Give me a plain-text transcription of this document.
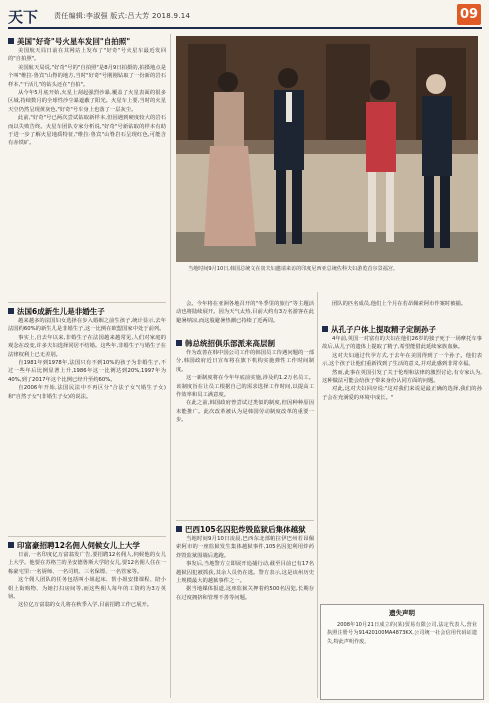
天下 责任编辑:李淑强 版式:吕大芳 2018.9.14	09
美国"好奇"号火星车发回"自拍照"

美国航天局日前在其网站上发布了"好奇"号火星车最近发回的"自拍照"。

美国航天局说,"好奇"号的"自拍照"是8月9日拍摄的,拍摄地点是个叫"维拉·鲁宾"山脊的地方,当时"好奇"号刚刚钻取了一份新的岩石样本,"干活儿"的钻头还在"自拍"。

从今年5月底开始,火星上刮起强烈沙暴,覆盖了火星表面的很多区域,持续数月的全球性沙尘暴遮蔽了阳光。火星车上要,当时的火星天空仍然呈现黄灰色,"好奇"号车身上也落了一层灰尘。

此前,"好奇"号已两次尝试钻取新样本,但因遇到硬度较大的岩石而以失败告终。火星车团队专家分析说,"好奇"号新钻取的样本有助于进一步了解火星地质特征,"维拉·鲁宾"山脊岩石呈现红色,可能含有赤铁矿。

法国6成新生儿是非婚生子

越来越多的法国妇女选择在步入婚姻之前生孩子,统计显示,去年法国约60%的新生儿是非婚生子,这一比例在欧盟国家中处于前列。

事实上,自去年以来,非婚生子在法国越来越常见,人们对家庭的观念在改变,许多夫妇选择同居不结婚。这些年,非婚生子与婚生子在法律权利上已无差别。

自1981年到1978年,法国只有不到10%的孩子为非婚生子,不过一些年后比例显著上升,1986年这一比例达到20%,1997年为40%,到了2017年这个比例已经升至约60%。

自2006年开始,法国民法中不再区分"合法子女"(婚生子女)和"自然子女"(非婚生子女)的说法。

印富豪招聘12名佣人伺候女儿上大学

日前,一名印度亿万富翁发广告,要招聘12名佣人,伺候他的女儿上大学。他要在苏格兰的圣安德鲁斯大学陪女儿,要12名佣人住在一栋豪宅里:一名厨师、一名司机、三名保镖、一名管家等。

这个佣人团队的任务包括叫小姐起床、帮小姐安排课程、陪小姐上街购物、为她打扫房间等,而这些佣人每年的工资约为3万英镑。

这位亿万富翁的女儿将在秋季入学,目前招聘工作已展开。

当地时间9月10日,韩国总统文在寅夫妇邀请来访的印度尼西亚总统佐科夫妇游览首尔景福宫。

会。今年将在亚洲各地召开的"冬季里的旅行"等主题活动也将陆续展开。因为天气太热,目前大约有3万名游客在此避暑纳凉,而这股避暑热潮已持续了近两周。

韩总统招俱乐部派来高层制

作为改善在韩中国公司工作的韩国员工待遇问题的一部分,韩国政府近日宣布将在旗下机构实施弹性工作时间制度。

这一新制度将在今年年底前实施,涉及约1.2万名员工。该制度旨在让员工根据自己的需求选择工作时间,以提高工作效率和员工满意度。

在此之前,韩国政府曾尝试过类似的制度,但因种种原因未能推广。此次改革被认为是韩国劳动制度改革的重要一步。

巴西105名囚犯炸毁监狱后集体越狱

当地时间9月10日凌晨,巴西东北部帕拉伊巴州若昂佩索阿市的一座监狱发生集体越狱事件,105名囚犯利用炸药炸毁监狱围墙后逃跑。

事发后,当地警方立即展开追捕行动,截至目前已有17名越狱囚犯被抓获,其余人员仍在逃。警方表示,这是该州历史上规模最大的越狱事件之一。

据当地媒体报道,这座监狱关押着约500名囚犯,长期存在过度拥挤和管理不善等问题。

团队的匹名成员,他们上个月在若昂佩索阿市作案时被捕。

从孔子户体上提取精子定制孙子

4年前,英国一对富有的夫妇在他们26岁的独子死于一场摩托车事故后,从儿子的遗体上提取了精子,希望能借此延续家族血脉。

这对夫妇通过代孕方式,于去年在美国得到了一个孙子。他们表示,这个孩子让他们重新找到了生活的意义,并对此感到非常幸福。

然而,此事在英国引发了关于伦理和法律的激烈讨论,有专家认为,这种做法可能会给孩子带来身份认同方面的问题。

对此,这对夫妇回应说:"这对我们来说是最正确的选择,我们的孙子会在充满爱的环境中成长。"

遗失声明
2008年10月21日成立的(某)贸易有限公司,法定代表人,营业执照注册号为91420100MA4873KX,公司统一社会信用代码证遗失,特此声明作废。
